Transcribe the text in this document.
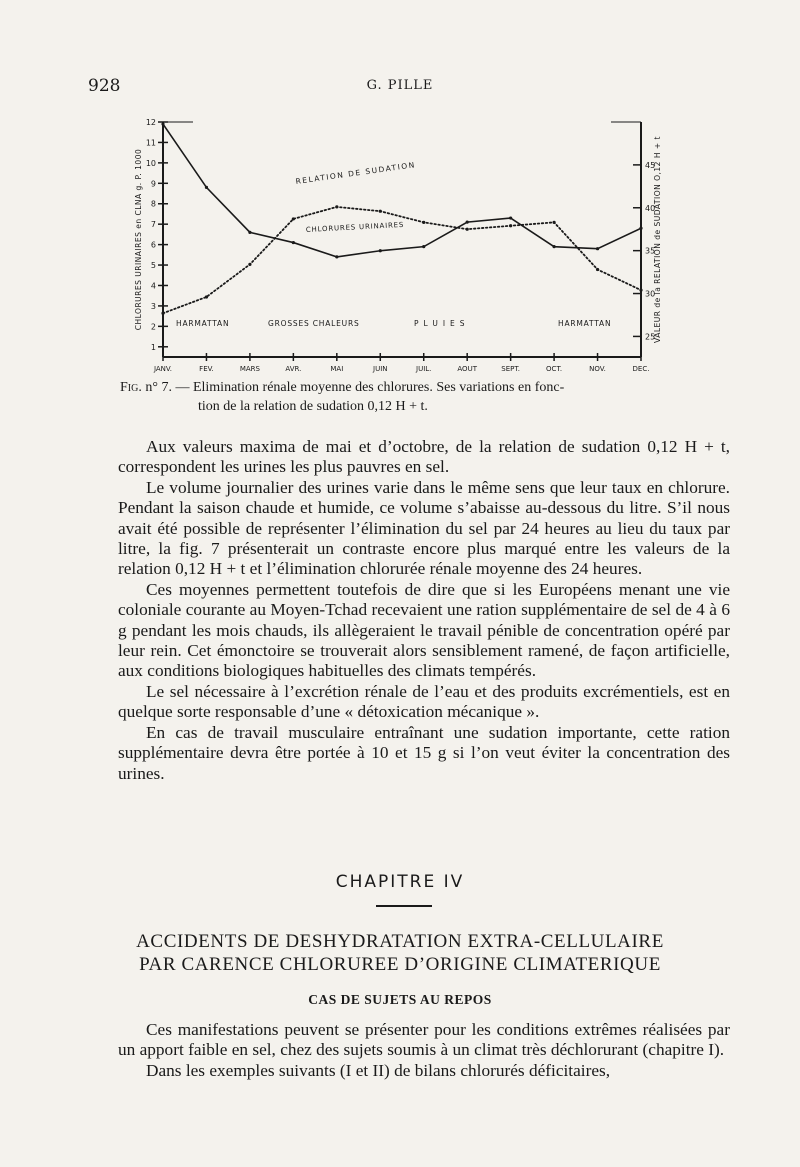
928	G. PILLE
1
2
3
4
5
6
7
8
9
10
11
12
25
30
35
40
45
CHLORURES URINAIRES en CLNA g. P. 1000	VALEUR de la RELATION de SUDATION O,12 H + t
JANV.	FEV.	MARS	AVR.	MAI	JUIN	JUIL.	AOUT	SEPT.	OCT.	NOV.	DEC.
RELATION DE SUDATION
CHLORURES URINAIRES
HARMATTAN	GROSSES CHALEURS	PLUIES	HARMATTAN
Fig. n° 7. — Elimination rénale moyenne des chlorures. Ses variations en fonc-
tion de la relation de sudation 0,12 H + t.

Aux valeurs maxima de mai et d’octobre, de la relation de sudation 0,12 H + t, correspondent les urines les plus pauvres en sel.

Le volume journalier des urines varie dans le même sens que leur taux en chlorure. Pendant la saison chaude et humide, ce volume s’abaisse au-dessous du litre. S’il nous avait été possible de représenter l’élimination du sel par 24 heures au lieu du taux par litre, la fig. 7 présenterait un contraste encore plus marqué entre les valeurs de la relation 0,12 H + t et l’élimination chlorurée rénale moyenne des 24 heures.

Ces moyennes permettent toutefois de dire que si les Européens menant une vie coloniale courante au Moyen-Tchad recevaient une ration supplémentaire de sel de 4 à 6 g pendant les mois chauds, ils allègeraient le travail pénible de concentration opéré par leur rein. Cet émonctoire se trouverait alors sensiblement ramené, de façon artificielle, aux conditions biologiques habituelles des climats tempérés.

Le sel nécessaire à l’excrétion rénale de l’eau et des produits excrémentiels, est en quelque sorte responsable d’une « détoxication mécanique ».

En cas de travail musculaire entraînant une sudation importante, cette ration supplémentaire devra être portée à 10 et 15 g si l’on veut éviter la concentration des urines.

CHAPITRE IV
ACCIDENTS DE DESHYDRATATION EXTRA-CELLULAIRE
PAR CARENCE CHLORUREE D’ORIGINE CLIMATERIQUE
CAS DE SUJETS AU REPOS

Ces manifestations peuvent se présenter pour les conditions extrêmes réalisées par un apport faible en sel, chez des sujets soumis à un climat très déchlorurant (chapitre I).

Dans les exemples suivants (I et II) de bilans chlorurés déficitaires,
